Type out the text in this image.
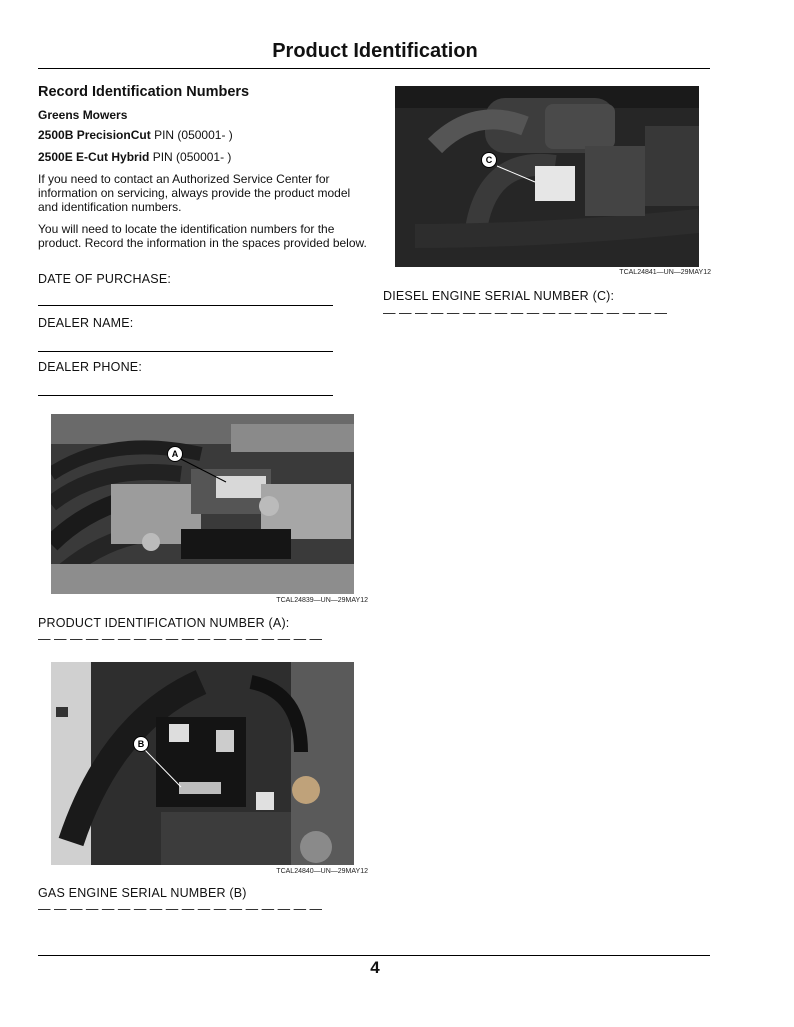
Product Identification
Record Identification Numbers
Greens Mowers
2500B PrecisionCut PIN (050001- )
2500E E-Cut Hybrid PIN (050001- )
If you need to contact an Authorized Service Center for information on servicing, always provide the product model and identification numbers.
You will need to locate the identification numbers for the product. Record the information in the spaces provided below.
DATE OF PURCHASE:
DEALER NAME:
DEALER PHONE:
A
TCAL24839—UN—29MAY12
PRODUCT IDENTIFICATION NUMBER (A):
— — — — — — — — — — — — — — — — — —
B
TCAL24840—UN—29MAY12
GAS ENGINE SERIAL NUMBER (B)
— — — — — — — — — — — — — — — — — —
C
TCAL24841—UN—29MAY12
DIESEL ENGINE SERIAL NUMBER (C):
— — — — — — — — — — — — — — — — — —
4
